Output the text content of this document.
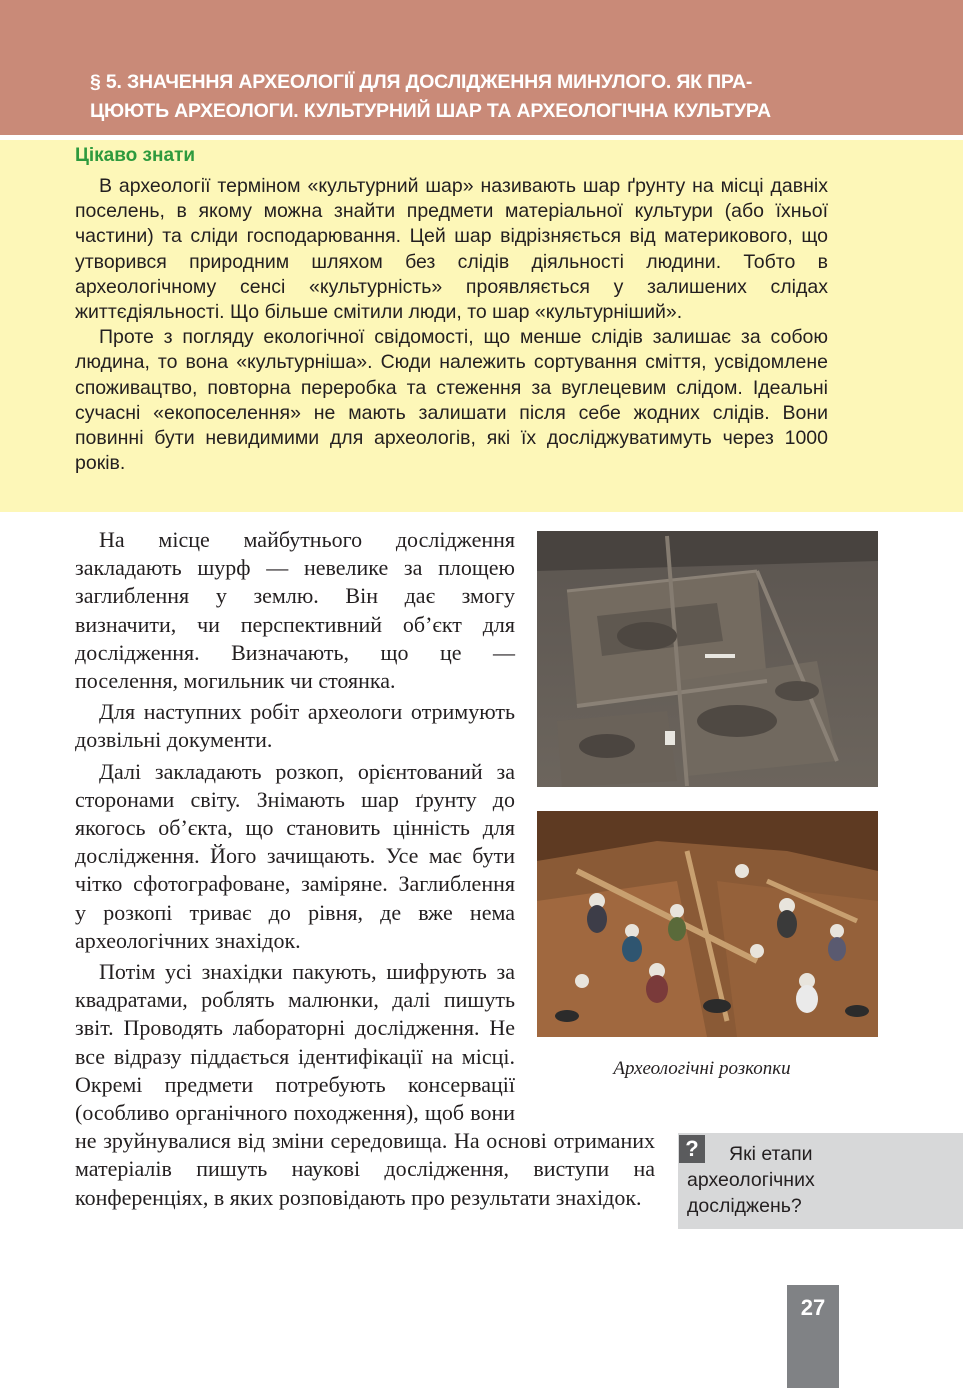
§ 5. ЗНАЧЕННЯ АРХЕОЛОГІЇ ДЛЯ ДОСЛІДЖЕННЯ МИНУЛОГО. ЯК ПРА-
ЦЮЮТЬ АРХЕОЛОГИ. КУЛЬТУРНИЙ ШАР ТА АРХЕОЛОГІЧНА КУЛЬТУРА
Цікаво знати

В археології терміном «культурний шар» називають шар ґрунту на місці давніх поселень, в якому можна знайти предмети матеріальної культури (або їхньої частини) та сліди господарювання. Цей шар відрізняється від материкового, що утворився природним шляхом без слідів діяльності людини. Тобто в археологічному сенсі «культурність» проявляється у залишених слідах життєдіяльності. Що більше смітили люди, то шар «культурніший».

Проте з погляду екологічної свідомості, що менше слідів залишає за собою людина, то вона «культурніша». Сюди належить сортування сміття, усвідомлене споживацтво, повторна переробка та стеження за вуглецевим слідом. Ідеальні сучасні «екопоселення» не мають залишати після себе жодних слідів. Вони повинні бути невидимими для археологів, які їх досліджуватимуть через 1000 років.

На місце майбутнього дослідження закладають шурф — невелике за площею заглиблення у землю. Він дає змогу визначити, чи перспективний об’єкт для дослідження. Визначають, що це — поселення, могильник чи стоянка.

Для наступних робіт археологи отримують дозвільні документи.

Далі закладають розкоп, орієнтований за сторонами світу. Знімають шар ґрунту до якогось об’єкта, що становить цінність для дослідження. Його зачищають. Усе має бути чітко сфотографоване, заміряне. Заглиблення у розкопі триває до рівня, де вже нема археологічних знахідок.

Потім усі знахідки пакують, шифрують за квадратами, роблять малюнки, далі пишуть звіт. Проводять лабораторні дослідження. Не все відразу піддається ідентифікації на місці. Окремі предмети потребують консервації (особливо органічного походження), щоб вони не зруйнувалися від зміни середовища. На основі отриманих матеріалів пишуть наукові дослідження, виступи на конференціях, в яких розповідають про результати знахідок.

Археологічні розкопки
?	Які етапи
археологічних
досліджень?
27
